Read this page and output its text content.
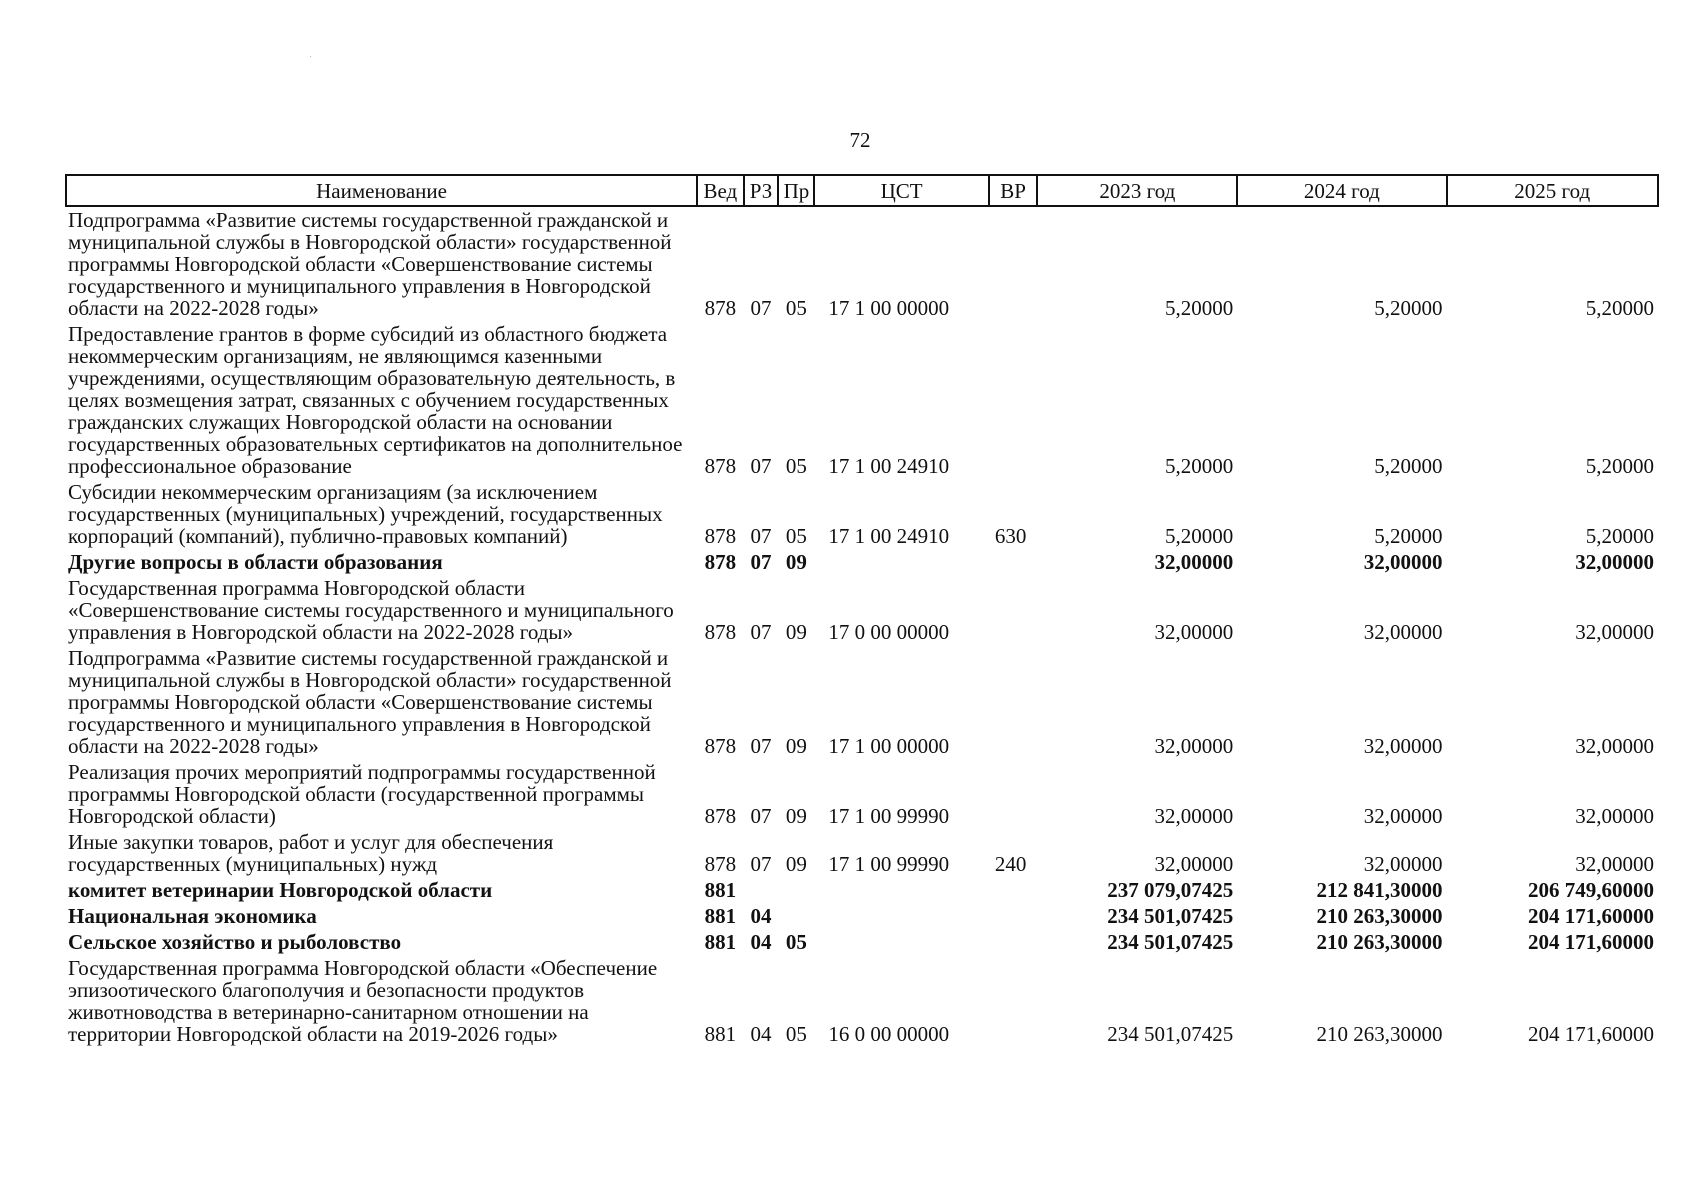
72
Наименование	Вед	РЗ	Пр	ЦСТ	ВР	2023 год	2024 год	2025 год
Подпрограмма «Развитие системы государственной гражданской и муниципальной службы в Новгородской области» государственной программы Новгородской области «Совершенствование системы государственного и муниципального управления в Новгородской области на 2022-2028 годы»	878	07	05	17 1 00 00000		5,20000	5,20000	5,20000
Предоставление грантов в форме субсидий из областного бюджета некоммерческим организациям, не являющимся казенными учреждениями, осуществляющим образовательную деятельность, в целях возмещения затрат, связанных с обучением государственных гражданских служащих Новгородской области на основании государственных образовательных сертификатов на дополнительное профессиональное образование	878	07	05	17 1 00 24910		5,20000	5,20000	5,20000
Субсидии некоммерческим организациям (за исключением государственных (муниципальных) учреждений, государственных корпораций (компаний), публично-правовых компаний)	878	07	05	17 1 00 24910	630	5,20000	5,20000	5,20000
Другие вопросы в области образования	878	07	09			32,00000	32,00000	32,00000
Государственная программа Новгородской области «Совершенствование системы государственного и муниципального управления в Новгородской области на 2022-2028 годы»	878	07	09	17 0 00 00000		32,00000	32,00000	32,00000
Подпрограмма «Развитие системы государственной гражданской и муниципальной службы в Новгородской области» государственной программы Новгородской области «Совершенствование системы государственного и муниципального управления в Новгородской области на 2022-2028 годы»	878	07	09	17 1 00 00000		32,00000	32,00000	32,00000
Реализация прочих мероприятий подпрограммы государственной программы Новгородской области (государственной программы Новгородской области)	878	07	09	17 1 00 99990		32,00000	32,00000	32,00000
Иные закупки товаров, работ и услуг для обеспечения государственных (муниципальных) нужд	878	07	09	17 1 00 99990	240	32,00000	32,00000	32,00000
комитет ветеринарии Новгородской области	881					237 079,07425	212 841,30000	206 749,60000
Национальная экономика	881	04				234 501,07425	210 263,30000	204 171,60000
Сельское хозяйство и рыболовство	881	04	05			234 501,07425	210 263,30000	204 171,60000
Государственная программа Новгородской области «Обеспечение эпизоотического благополучия и безопасности продуктов животноводства в ветеринарно-санитарном отношении на территории Новгородской области на 2019-2026 годы»	881	04	05	16 0 00 00000		234 501,07425	210 263,30000	204 171,60000
